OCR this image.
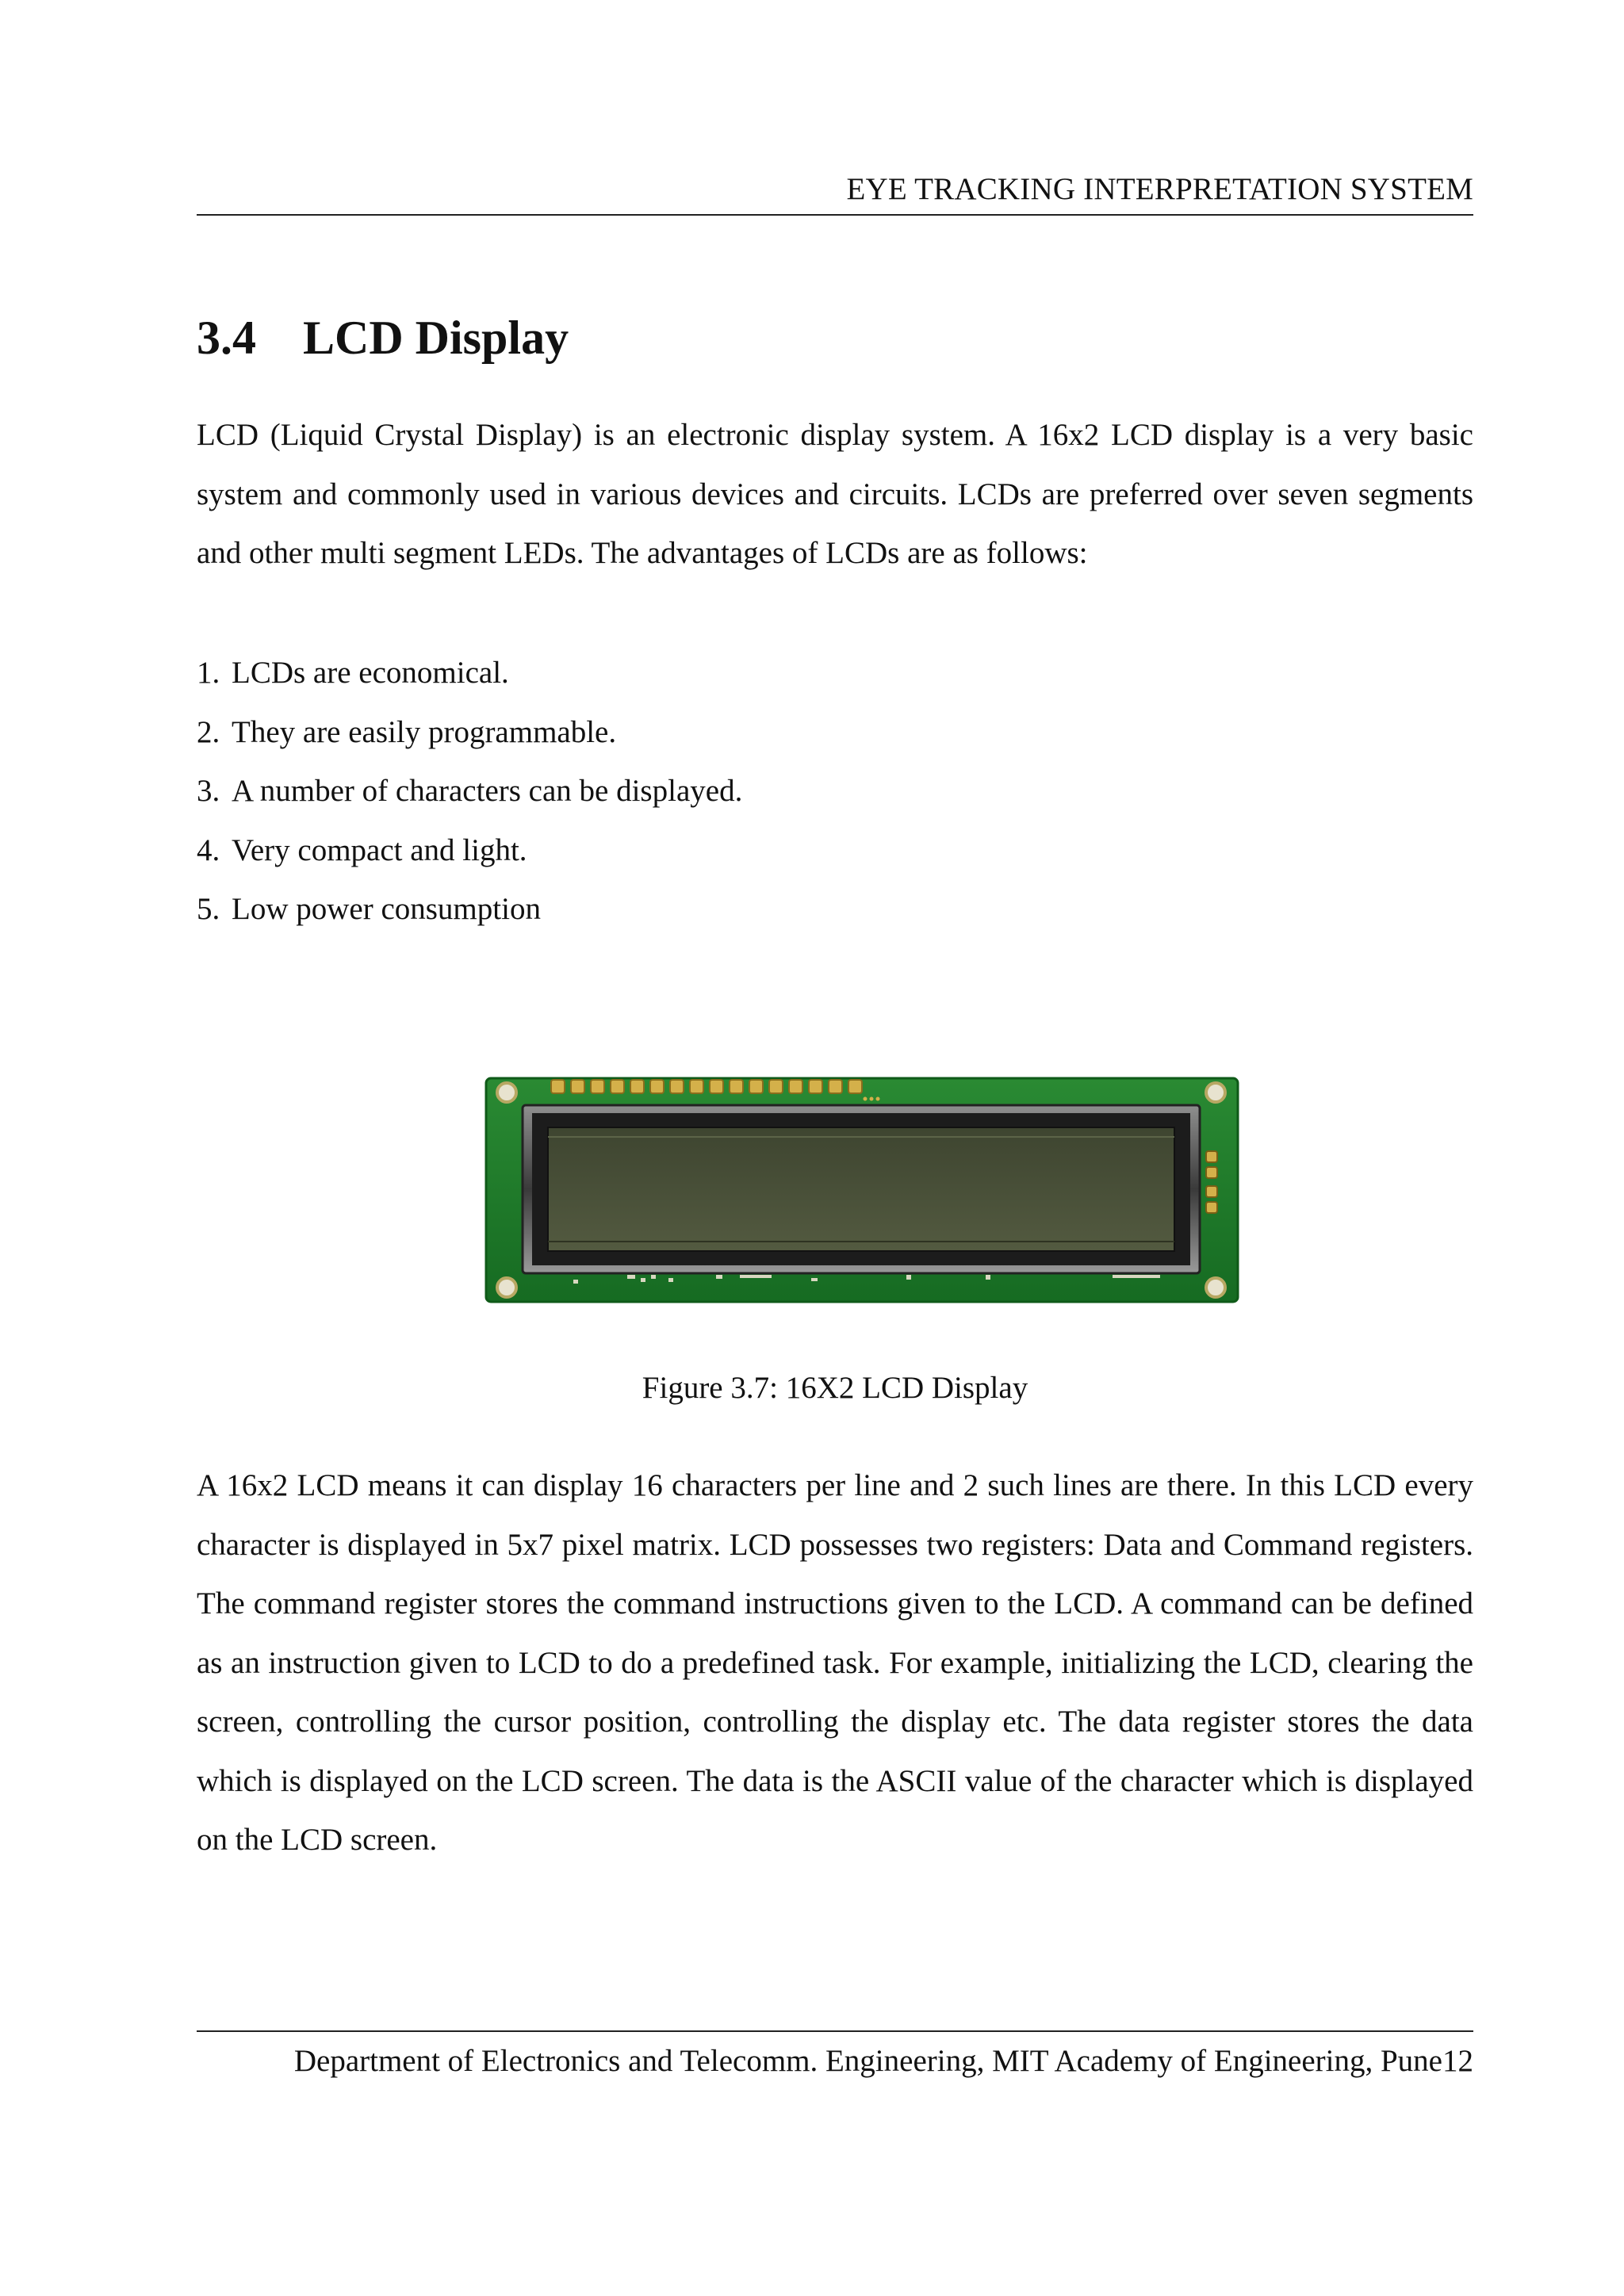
EYE TRACKING INTERPRETATION SYSTEM
3.4 LCD Display
LCD (Liquid Crystal Display) is an electronic display system. A 16x2 LCD display is a very basic system and commonly used in various devices and circuits. LCDs are preferred over seven segments and other multi segment LEDs. The advantages of LCDs are as follows:
1. LCDs are economical.
2. They are easily programmable.
3. A number of characters can be displayed.
4. Very compact and light.
5. Low power consumption
Figure 3.7: 16X2 LCD Display
A 16x2 LCD means it can display 16 characters per line and 2 such lines are there. In this LCD every character is displayed in 5x7 pixel matrix. LCD possesses two registers: Data and Command registers. The command register stores the command instructions given to the LCD. A command can be defined as an instruction given to LCD to do a predefined task. For example, initializing the LCD, clearing the screen, controlling the cursor position, controlling the display etc. The data register stores the data which is displayed on the LCD screen. The data is the ASCII value of the character which is displayed on the LCD screen.
Department of Electronics and Telecomm. Engineering, MIT Academy of Engineering, Pune12
